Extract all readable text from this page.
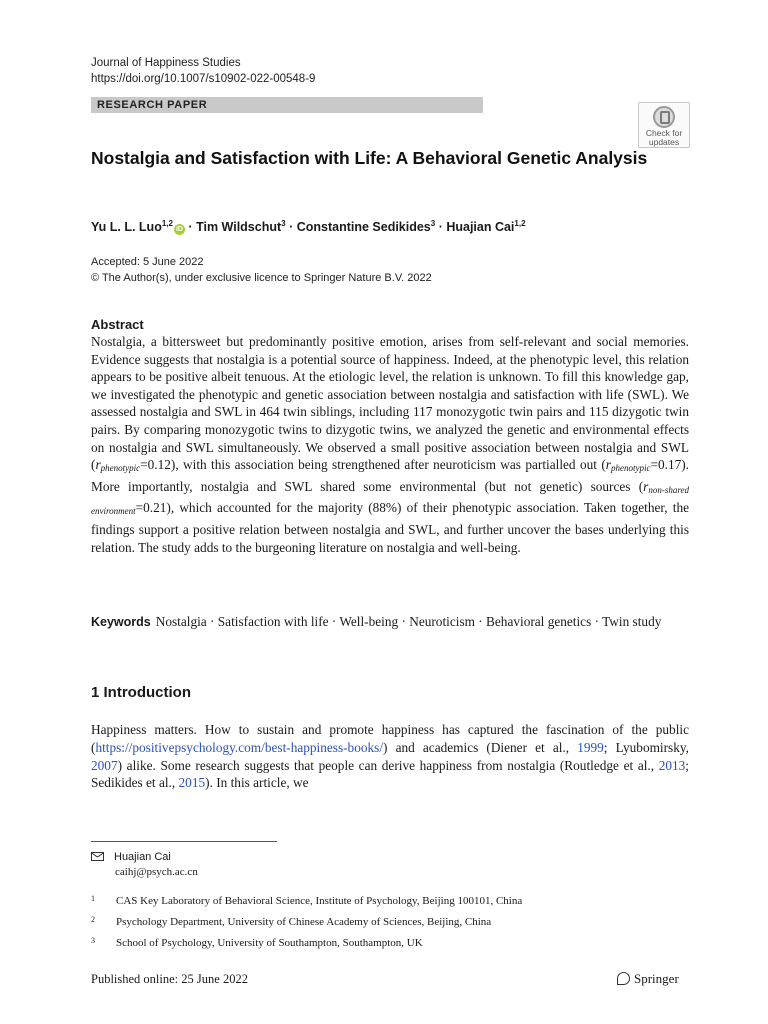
Journal of Happiness Studies
https://doi.org/10.1007/s10902-022-00548-9
RESEARCH PAPER
Check for updates
Nostalgia and Satisfaction with Life: A Behavioral Genetic Analysis
Yu L. L. Luo$^{1,2}$iD · Tim Wildschut$^3$ · Constantine Sedikides$^3$ · Huajian Cai$^{1,2}$
Accepted: 5 June 2022
© The Author(s), under exclusive licence to Springer Nature B.V. 2022
Abstract
Nostalgia, a bittersweet but predominantly positive emotion, arises from self-relevant and social memories. Evidence suggests that nostalgia is a potential source of happiness. Indeed, at the phenotypic level, this relation appears to be positive albeit tenuous. At the etiologic level, the relation is unknown. To fill this knowledge gap, we investigated the phenotypic and genetic association between nostalgia and satisfaction with life (SWL). We assessed nostalgia and SWL in 464 twin siblings, including 117 monozygotic twin pairs and 115 dizygotic twin pairs. By comparing monozygotic twins to dizygotic twins, we analyzed the genetic and environmental effects on nostalgia and SWL simultaneously. We observed a small positive association between nostalgia and SWL $(r_{phenotypic}=0.12)$, with this association being strengthened after neuroticism was partialled out $(r_{phenotypic}=0.17)$. More importantly, nostalgia and SWL shared some environmental (but not genetic) sources $(r_{non-shared environment}=0.21)$, which accounted for the majority (88%) of their phenotypic association. Taken together, the findings support a positive relation between nostalgia and SWL, and further uncover the bases underlying this relation. The study adds to the burgeoning literature on nostalgia and well-being.
Keywords Nostalgia · Satisfaction with life · Well-being · Neuroticism · Behavioral genetics · Twin study
1 Introduction
Happiness matters. How to sustain and promote happiness has captured the fascination of the public (https://positivepsychology.com/best-happiness-books/) and academics (Diener et al., 1999; Lyubomirsky, 2007) alike. Some research suggests that people can derive happiness from nostalgia (Routledge et al., 2013; Sedikides et al., 2015). In this article, we
Huajian Cai
caihj@psych.ac.cn
1 CAS Key Laboratory of Behavioral Science, Institute of Psychology, Beijing 100101, China
2 Psychology Department, University of Chinese Academy of Sciences, Beijing, China
3 School of Psychology, University of Southampton, Southampton, UK
Published online: 25 June 2022	Springer
